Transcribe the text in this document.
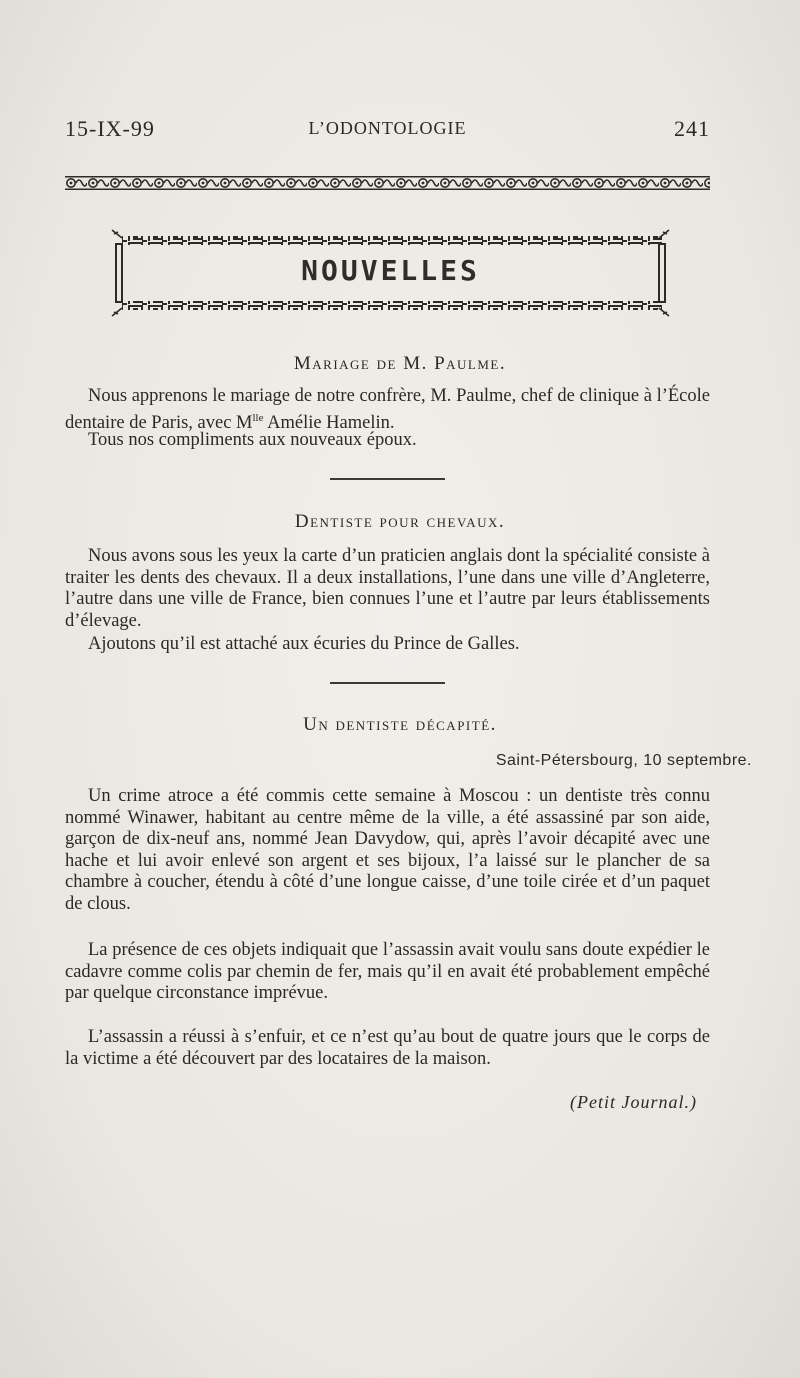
15-IX-99	L’ODONTOLOGIE	241
NOUVELLES
Mariage de M. Paulme.

Nous apprenons le mariage de notre confrère, M. Paulme, chef de clinique à l’École dentaire de Paris, avec $M^{lle}$ Amélie Hamelin.

Tous nos compliments aux nouveaux époux.

Dentiste pour chevaux.

Nous avons sous les yeux la carte d’un praticien anglais dont la spécialité consiste à traiter les dents des chevaux. Il a deux installations, l’une dans une ville d’Angleterre, l’autre dans une ville de France, bien connues l’une et l’autre par leurs établissements d’élevage.

Ajoutons qu’il est attaché aux écuries du Prince de Galles.

Un dentiste décapité.
Saint-Pétersbourg, 10 septembre.

Un crime atroce a été commis cette semaine à Moscou : un dentiste très connu nommé Winawer, habitant au centre même de la ville, a été assassiné par son aide, garçon de dix-neuf ans, nommé Jean Davydow, qui, après l’avoir décapité avec une hache et lui avoir enlevé son argent et ses bijoux, l’a laissé sur le plancher de sa chambre à coucher, étendu à côté d’une longue caisse, d’une toile cirée et d’un paquet de clous.

La présence de ces objets indiquait que l’assassin avait voulu sans doute expédier le cadavre comme colis par chemin de fer, mais qu’il en avait été probablement empêché par quelque circonstance imprévue.

L’assassin a réussi à s’enfuir, et ce n’est qu’au bout de quatre jours que le corps de la victime a été découvert par des locataires de la maison.

(Petit Journal.)
